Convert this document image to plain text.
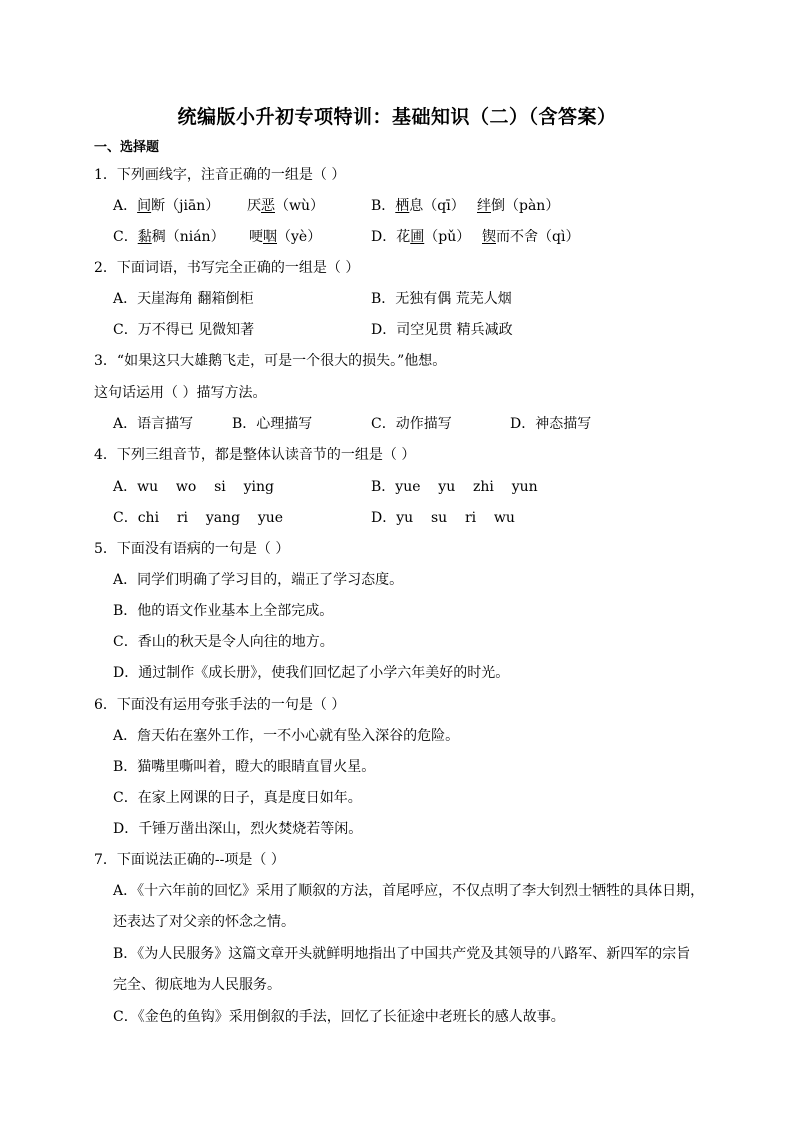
统编版小升初专项特训：基础知识（二）（含答案）
一、选择题
1．下列画线字，注音正确的一组是（ ）
A．间断（jiān） 厌恶（wù）	B．栖息（qī） 绊倒（pàn）
C．黏稠（nián） 哽咽（yè）	D．花圃（pǔ） 锲而不舍（qì）
2．下面词语，书写完全正确的一组是（ ）
A．天崖海角 翻箱倒柜	B．无独有偶 荒芜人烟
C．万不得已 见微知著	D．司空见贯 精兵减政
3．“如果这只大雄鹅飞走，可是一个很大的损失。”他想。
这句话运用（ ）描写方法。
A．语言描写	B．心理描写	C．动作描写	D．神态描写
4．下列三组音节，都是整体认读音节的一组是（ ）
A．wu    wo    si    ying	B．yue    yu    zhi    yun
C．chi    ri    yang    yue	D．yu    su    ri    wu
5．下面没有语病的一句是（ ）
A．同学们明确了学习目的，端正了学习态度。
B．他的语文作业基本上全部完成。
C．香山的秋天是令人向往的地方。
D．通过制作《成长册》，使我们回忆起了小学六年美好的时光。
6．下面没有运用夸张手法的一句是（ ）
A．詹天佑在塞外工作，一不小心就有坠入深谷的危险。
B．猫嘴里嘶叫着，瞪大的眼睛直冒火星。
C．在家上网课的日子，真是度日如年。
D．千锤万凿出深山，烈火焚烧若等闲。
7．下面说法正确的--项是（ ）
A．《十六年前的回忆》采用了顺叙的方法，首尾呼应，不仅点明了李大钊烈士牺牲的具体日期，
还表达了对父亲的怀念之情。
B．《为人民服务》这篇文章开头就鲜明地指出了中国共产党及其领导的八路军、新四军的宗旨
完全、彻底地为人民服务。
C．《金色的鱼钩》采用倒叙的手法，回忆了长征途中老班长的感人故事。
